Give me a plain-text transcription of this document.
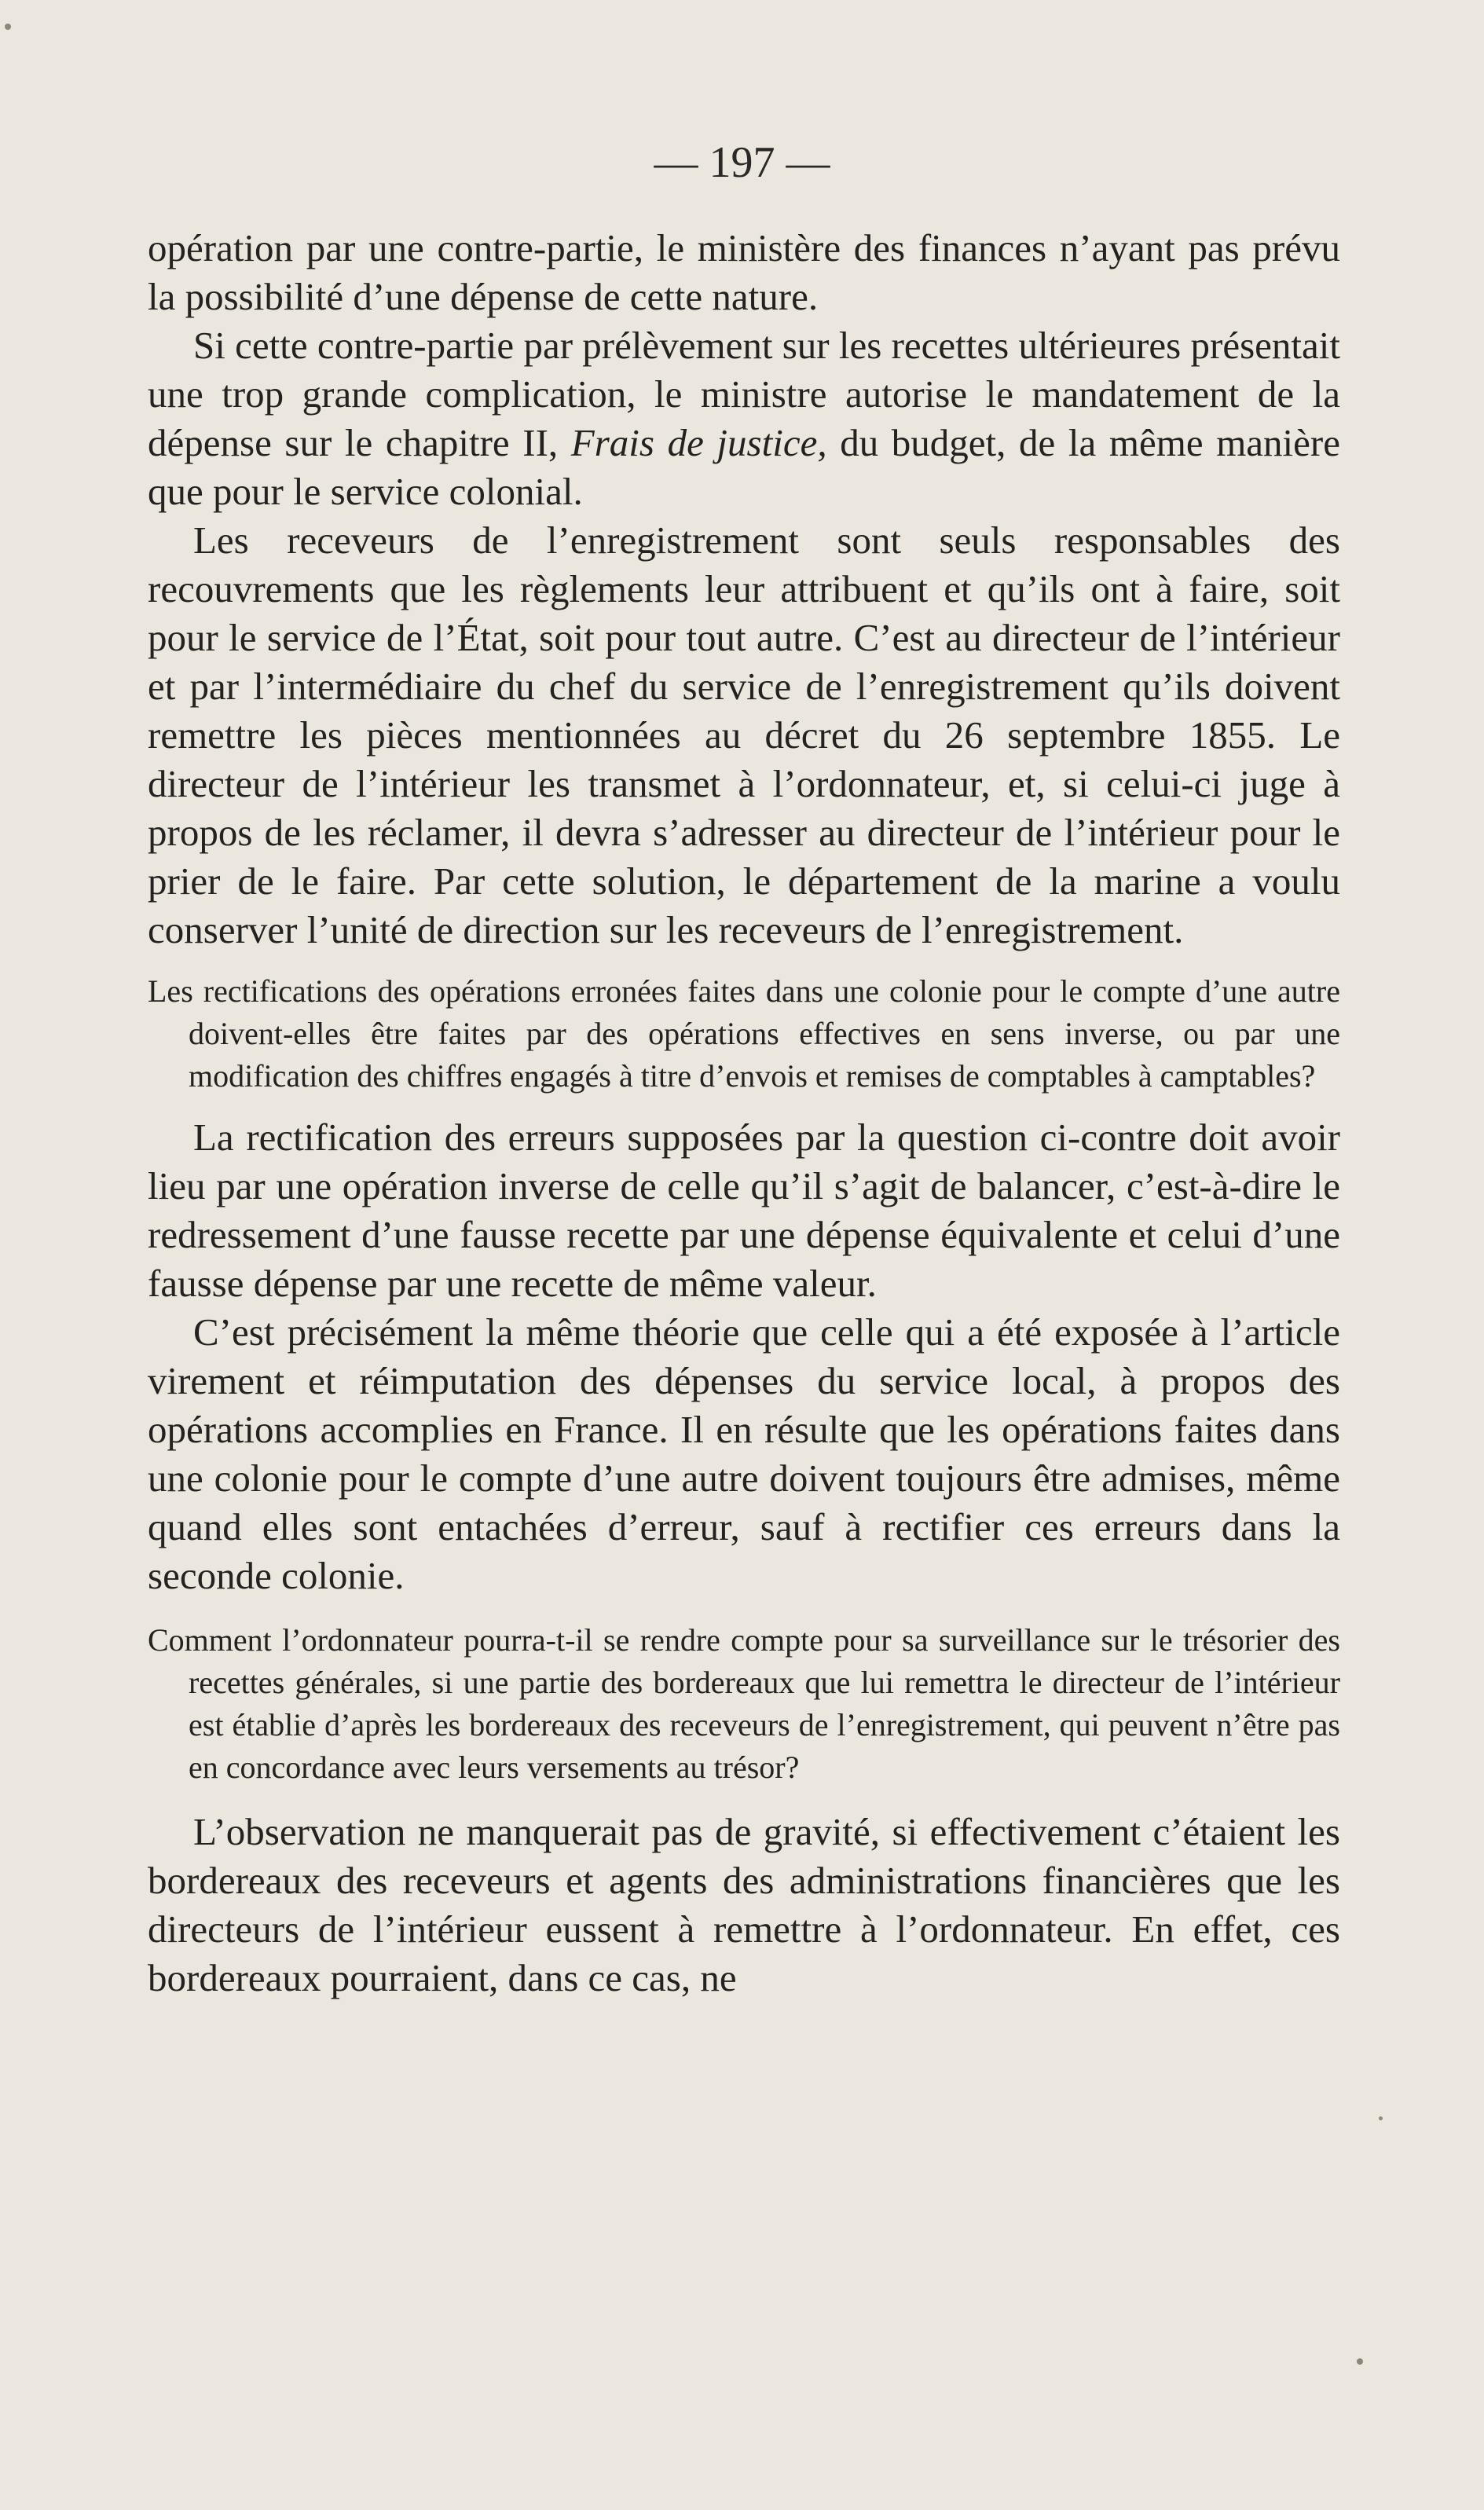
— 197 —

opération par une contre-partie, le ministère des finances n’ayant pas prévu la possibilité d’une dépense de cette nature.

Si cette contre-partie par prélèvement sur les recettes ultérieures présentait une trop grande complication, le ministre autorise le mandatement de la dépense sur le chapitre II, Frais de justice, du budget, de la même manière que pour le service colonial.

Les receveurs de l’enregistrement sont seuls responsables des recouvrements que les règlements leur attribuent et qu’ils ont à faire, soit pour le service de l’État, soit pour tout autre. C’est au directeur de l’intérieur et par l’intermédiaire du chef du service de l’enregistrement qu’ils doivent remettre les pièces mentionnées au décret du 26 septembre 1855. Le directeur de l’intérieur les transmet à l’ordonnateur, et, si celui-ci juge à propos de les réclamer, il devra s’adresser au directeur de l’intérieur pour le prier de le faire. Par cette solution, le département de la marine a voulu conserver l’unité de direction sur les receveurs de l’enregistrement.

Les rectifications des opérations erronées faites dans une colonie pour le compte d’une autre doivent-elles être faites par des opérations effectives en sens inverse, ou par une modification des chiffres engagés à titre d’envois et remises de comptables à camptables?

La rectification des erreurs supposées par la question ci-contre doit avoir lieu par une opération inverse de celle qu’il s’agit de balancer, c’est-à-dire le redressement d’une fausse recette par une dépense équivalente et celui d’une fausse dépense par une recette de même valeur.

C’est précisément la même théorie que celle qui a été exposée à l’article virement et réimputation des dépenses du service local, à propos des opérations accomplies en France. Il en résulte que les opérations faites dans une colonie pour le compte d’une autre doivent toujours être admises, même quand elles sont entachées d’erreur, sauf à rectifier ces erreurs dans la seconde colonie.

Comment l’ordonnateur pourra-t-il se rendre compte pour sa surveillance sur le trésorier des recettes générales, si une partie des bordereaux que lui remettra le directeur de l’intérieur est établie d’après les bordereaux des receveurs de l’enregistrement, qui peuvent n’être pas en concordance avec leurs versements au trésor?

L’observation ne manquerait pas de gravité, si effectivement c’étaient les bordereaux des receveurs et agents des administrations financières que les directeurs de l’intérieur eussent à remettre à l’ordonnateur. En effet, ces bordereaux pourraient, dans ce cas, ne
